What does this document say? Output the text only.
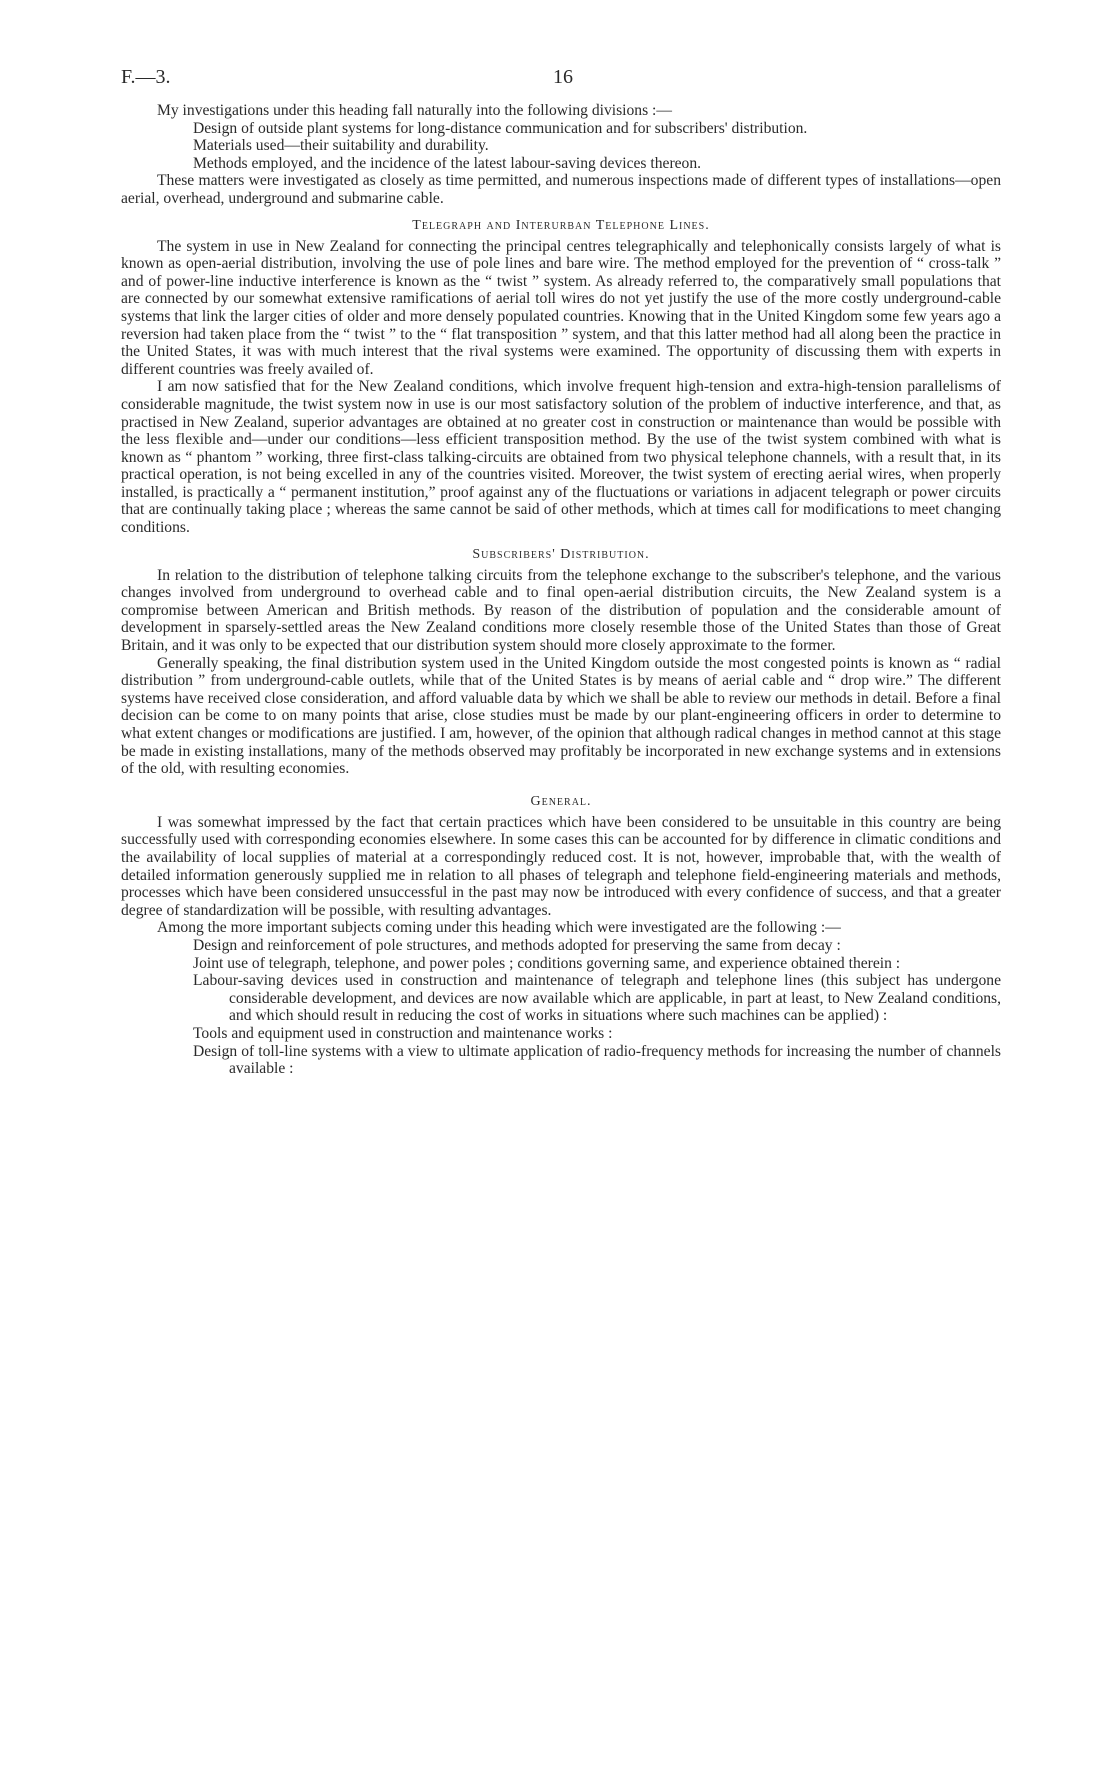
F.—3.	16

My investigations under this heading fall naturally into the following divisions :—

Design of outside plant systems for long-distance communication and for subscribers' distribution.

Materials used—their suitability and durability.

Methods employed, and the incidence of the latest labour-saving devices thereon.

These matters were investigated as closely as time permitted, and numerous inspections made of different types of installations—open aerial, overhead, underground and submarine cable.

Telegraph and Interurban Telephone Lines.

The system in use in New Zealand for connecting the principal centres telegraphically and telephonically consists largely of what is known as open-aerial distribution, involving the use of pole lines and bare wire. The method employed for the prevention of “ cross-talk ” and of power-line inductive interference is known as the “ twist ” system. As already referred to, the comparatively small populations that are connected by our somewhat extensive ramifications of aerial toll wires do not yet justify the use of the more costly underground-cable systems that link the larger cities of older and more densely populated countries. Knowing that in the United Kingdom some few years ago a reversion had taken place from the “ twist ” to the “ flat transposition ” system, and that this latter method had all along been the practice in the United States, it was with much interest that the rival systems were examined. The opportunity of discussing them with experts in different countries was freely availed of.

I am now satisfied that for the New Zealand conditions, which involve frequent high-tension and extra-high-tension parallelisms of considerable magnitude, the twist system now in use is our most satisfactory solution of the problem of inductive interference, and that, as practised in New Zealand, superior advantages are obtained at no greater cost in construction or maintenance than would be possible with the less flexible and—under our conditions—less efficient transposition method. By the use of the twist system combined with what is known as “ phantom ” working, three first-class talking-circuits are obtained from two physical telephone channels, with a result that, in its practical operation, is not being excelled in any of the countries visited. Moreover, the twist system of erecting aerial wires, when properly installed, is practically a “ permanent institution,” proof against any of the fluctuations or variations in adjacent telegraph or power circuits that are continually taking place ; whereas the same cannot be said of other methods, which at times call for modifications to meet changing conditions.

Subscribers' Distribution.

In relation to the distribution of telephone talking circuits from the telephone exchange to the subscriber's telephone, and the various changes involved from underground to overhead cable and to final open-aerial distribution circuits, the New Zealand system is a compromise between American and British methods. By reason of the distribution of population and the considerable amount of development in sparsely-settled areas the New Zealand conditions more closely resemble those of the United States than those of Great Britain, and it was only to be expected that our distribution system should more closely approximate to the former.

Generally speaking, the final distribution system used in the United Kingdom outside the most congested points is known as “ radial distribution ” from underground-cable outlets, while that of the United States is by means of aerial cable and “ drop wire.” The different systems have received close consideration, and afford valuable data by which we shall be able to review our methods in detail. Before a final decision can be come to on many points that arise, close studies must be made by our plant-engineering officers in order to determine to what extent changes or modifications are justified. I am, however, of the opinion that although radical changes in method cannot at this stage be made in existing installations, many of the methods observed may profitably be incorporated in new exchange systems and in extensions of the old, with resulting economies.

General.

I was somewhat impressed by the fact that certain practices which have been considered to be unsuitable in this country are being successfully used with corresponding economies elsewhere. In some cases this can be accounted for by difference in climatic conditions and the availability of local supplies of material at a correspondingly reduced cost. It is not, however, improbable that, with the wealth of detailed information generously supplied me in relation to all phases of telegraph and telephone field-engineering materials and methods, processes which have been considered unsuccessful in the past may now be introduced with every confidence of success, and that a greater degree of standardization will be possible, with resulting advantages.

Among the more important subjects coming under this heading which were investigated are the following :—

Design and reinforcement of pole structures, and methods adopted for preserving the same from decay :

Joint use of telegraph, telephone, and power poles ; conditions governing same, and experience obtained therein :

Labour-saving devices used in construction and maintenance of telegraph and telephone lines (this subject has undergone considerable development, and devices are now available which are applicable, in part at least, to New Zealand conditions, and which should result in reducing the cost of works in situations where such machines can be applied) :

Tools and equipment used in construction and maintenance works :

Design of toll-line systems with a view to ultimate application of radio-frequency methods for increasing the number of channels available :
